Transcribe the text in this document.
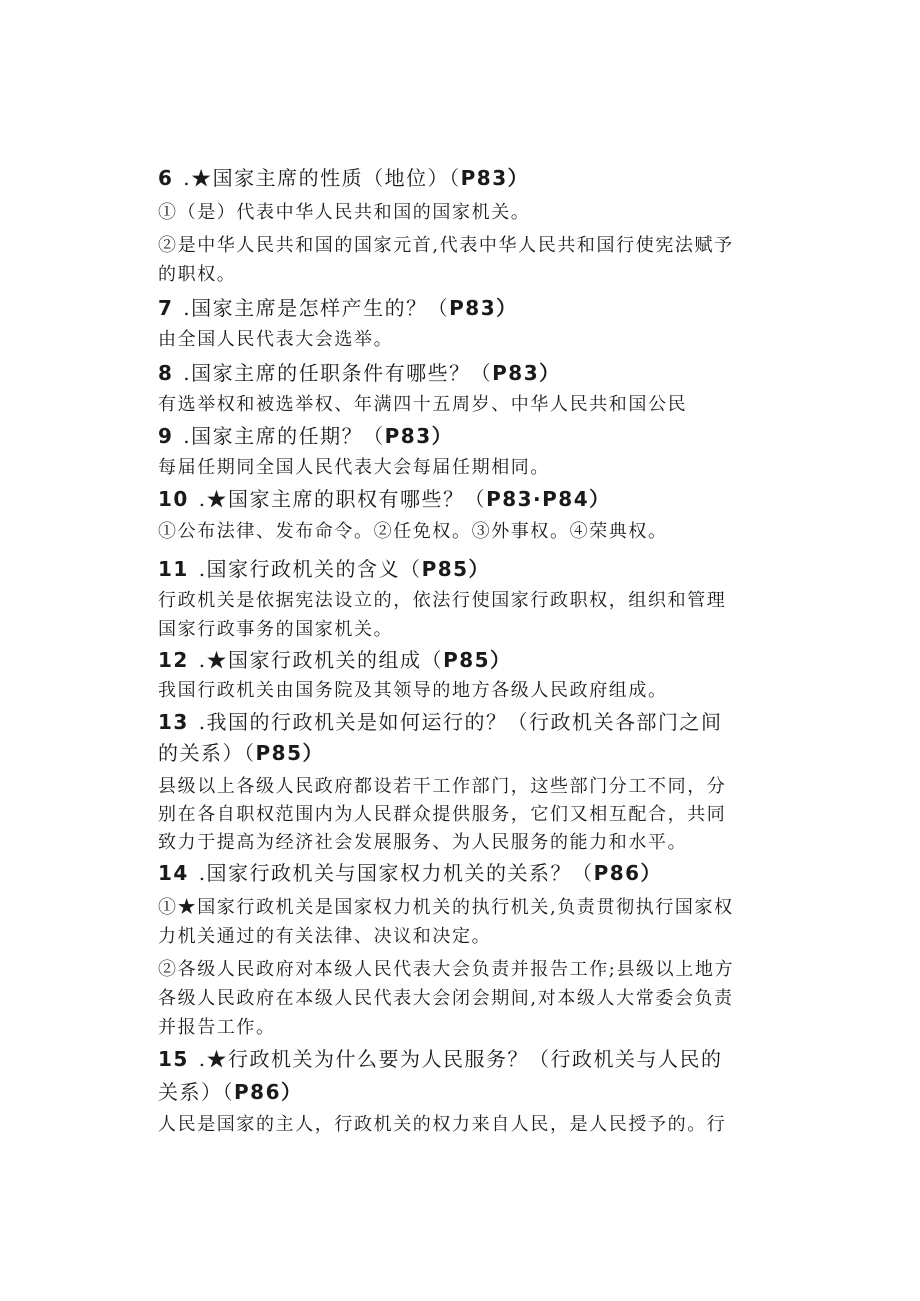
6 .★国家主席的性质（地位）（P83）
①（是）代表中华人民共和国的国家机关。
②是中华人民共和国的国家元首,代表中华人民共和国行使宪法赋予
的职权。
7 .国家主席是怎样产生的？（P83）
由全国人民代表大会选举。
8 .国家主席的任职条件有哪些？（P83）
有选举权和被选举权、年满四十五周岁、中华人民共和国公民
9 .国家主席的任期？（P83）
每届任期同全国人民代表大会每届任期相同。
10 .★国家主席的职权有哪些？（P83·P84）
①公布法律、发布命令。②任免权。③外事权。④荣典权。
11 .国家行政机关的含义（P85）
行政机关是依据宪法设立的，依法行使国家行政职权，组织和管理
国家行政事务的国家机关。
12 .★国家行政机关的组成（P85）
我国行政机关由国务院及其领导的地方各级人民政府组成。
13 .我国的行政机关是如何运行的？（行政机关各部门之间
的关系）（P85）
县级以上各级人民政府都设若干工作部门，这些部门分工不同，分
别在各自职权范围内为人民群众提供服务，它们又相互配合，共同
致力于提高为经济社会发展服务、为人民服务的能力和水平。
14 .国家行政机关与国家权力机关的关系？（P86）
①★国家行政机关是国家权力机关的执行机关,负责贯彻执行国家权
力机关通过的有关法律、决议和决定。
②各级人民政府对本级人民代表大会负责并报告工作;县级以上地方
各级人民政府在本级人民代表大会闭会期间,对本级人大常委会负责
并报告工作。
15 .★行政机关为什么要为人民服务？（行政机关与人民的
关系）（P86）
人民是国家的主人，行政机关的权力来自人民，是人民授予的。行
